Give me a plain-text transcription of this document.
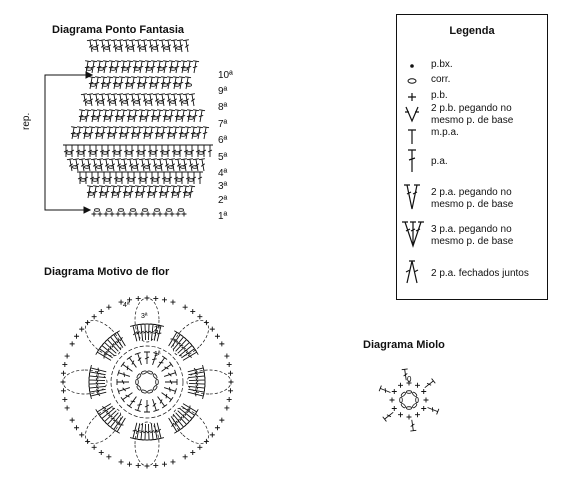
Diagrama Ponto Fantasia
Diagrama Motivo de flor
Diagrama Miolo
rep.
10ª
9ª
8ª
7ª
6ª
5ª
4ª
3ª
2ª
1ª
4ª
3ª
2ª
1ª
0
Legenda
p.bx.
corr.
p.b.
2 p.b. pegando no mesmo p. de base
m.p.a.
p.a.
2 p.a. pegando no mesmo p. de base
3 p.a. pegando no mesmo p. de base
2 p.a. fechados juntos
